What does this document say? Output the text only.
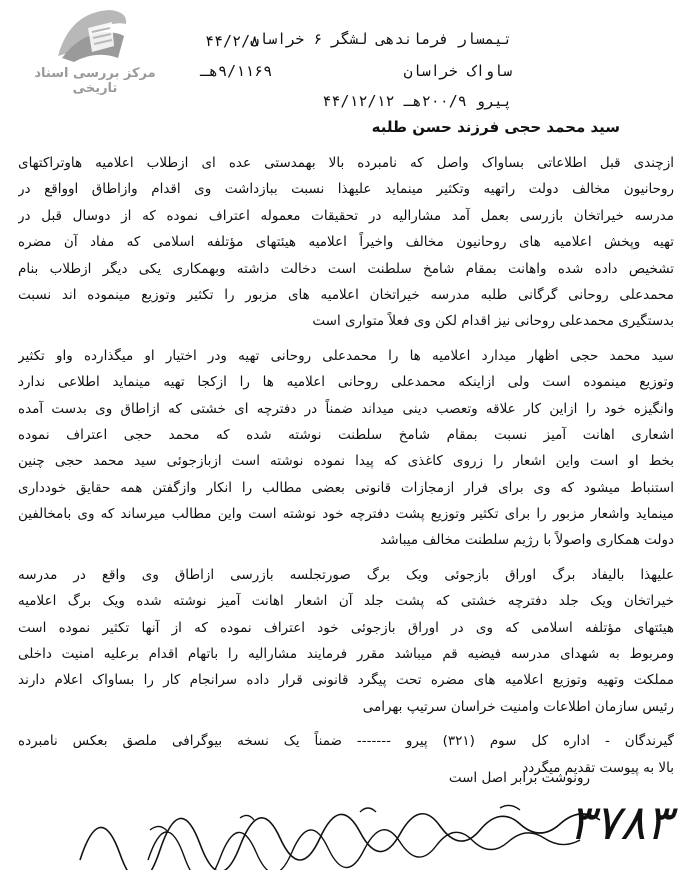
مرکز بررسی اسناد تاریخی
تیمسار فرماندهی لشگر ۶ خراسان
ساواک خراسان
پیرو ۲۰۰/۹هـ ۴۴/۱۲/۱۲
۴۴/۲/۸
۹/۱۱۶۹هـ
سید محمد حجی فرزند حسن طلبه
ازچندی قبل اطلاعاتی بساواک واصل که نامبرده بالا بهمدستی عده ای ازطلاب اعلامیه هاوتراکتهای
روحانیون مخالف دولت راتهیه وتکثیر مینماید علیهذا نسبت ببازداشت وی اقدام وازاطاق اوواقع در
مدرسه خیراتخان بازرسی بعمل آمد مشارالیه در تحقیقات معموله اعتراف نموده که از دوسال قبل در
تهیه وپخش اعلامیه های روحانیون مخالف واخیراً اعلامیه هیئتهای مؤتلفه اسلامی که مفاد آن مضره
تشخیص داده شده واهانت بمقام شامخ سلطنت است دخالت داشته وبهمکاری یکی دیگر ازطلاب بنام
محمدعلی روحانی گرگانی طلبه مدرسه خیراتخان اعلامیه های مزبور را تکثیر وتوزیع مینموده اند نسبت
بدستگیری محمدعلی روحانی نیز اقدام لکن وی فعلاً متواری است
سید محمد حجی اظهار میدارد اعلامیه ها را محمدعلی روحانی تهیه ودر اختیار او میگذارده واو تکثیر
وتوزیع مینموده است ولی ازاینکه محمدعلی روحانی اعلامیه ها را ازکجا تهیه مینماید اطلاعی ندارد
وانگیزه خود را ازاین کار علاقه وتعصب دینی میداند ضمناً در دفترچه ای خشتی که ازاطاق وی بدست آمده
اشعاری اهانت آمیز نسبت بمقام شامخ سلطنت نوشته شده که محمد حجی اعتراف نموده
بخط او است واین اشعار را زروی کاغذی که پیدا نموده نوشته است ازبازجوئی سید محمد حجی چنین
استنباط میشود که وی برای فرار ازمجازات قانونی بعضی مطالب را انکار وازگفتن همه حقایق خودداری
مینماید واشعار مزبور را برای تکثیر وتوزیع پشت دفترچه خود نوشته است واین مطالب میرساند که وی بامخالفین
دولت همکاری واصولاً با رژیم سلطنت مخالف میباشد
علیهذا بالیفاد برگ اوراق بازجوئی ویک برگ صورتجلسه بازرسی ازاطاق وی واقع در مدرسه
خیراتخان ویک جلد دفترچه خشتی که پشت جلد آن اشعار اهانت آمیز نوشته شده ویک برگ اعلامیه
هیئتهای مؤتلفه اسلامی که وی در اوراق بازجوئی خود اعتراف نموده که از آنها تکثیر نموده است
ومربوط به شهدای مدرسه فیضیه قم میباشد مقرر فرمایند مشارالیه را باتهام اقدام برعلیه امنیت داخلی
مملکت وتهیه وتوزیع اعلامیه های مضره تحت پیگرد قانونی قرار داده سرانجام کار را بساواک اعلام دارند
رئیس سازمان اطلاعات وامنیت خراسان سرتیپ بهرامی
گیرندگان - اداره کل سوم (۳۲۱) پیرو ------- ضمناً یک نسخه بیوگرافی ملصق بعکس نامبرده
بالا به پیوست تقدیم میگردد
رونوشت برابر اصل است
۳۷۸۳
